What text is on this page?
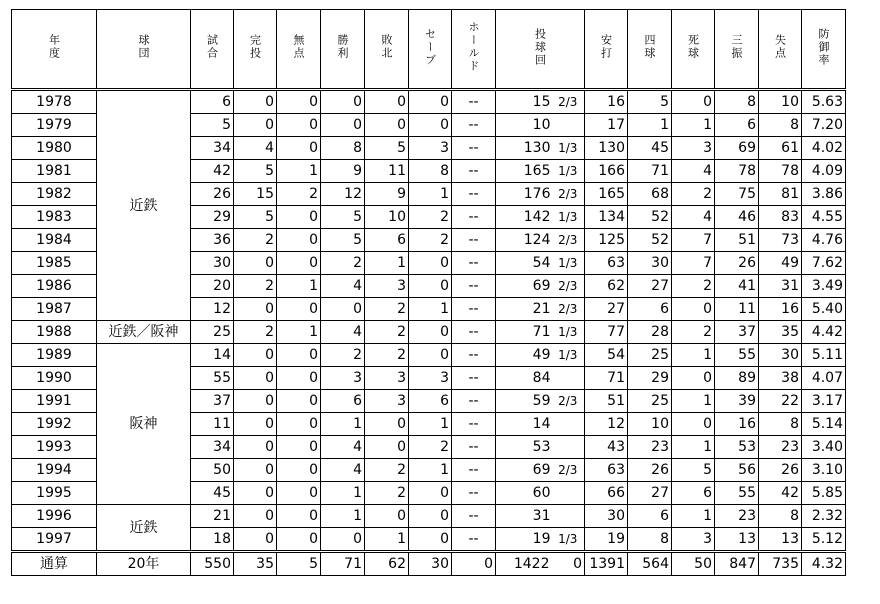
年度	球団	試合	完投	無点	勝利	敗北	セーブ	ホールド	投球回		安打	四球	死球	三振	失点	防御率
1978	近鉄	6	0	0	0	0	0	--	15	2/3	16	5	0	8	10	5.63
1979		5	0	0	0	0	0	--	10		17	1	1	6	8	7.20
1980		34	4	0	8	5	3	--	130	1/3	130	45	3	69	61	4.02
1981		42	5	1	9	11	8	--	165	1/3	166	71	4	78	78	4.09
1982		26	15	2	12	9	1	--	176	2/3	165	68	2	75	81	3.86
1983		29	5	0	5	10	2	--	142	1/3	134	52	4	46	83	4.55
1984		36	2	0	5	6	2	--	124	2/3	125	52	7	51	73	4.76
1985		30	0	0	2	1	0	--	54	1/3	63	30	7	26	49	7.62
1986		20	2	1	4	3	0	--	69	2/3	62	27	2	41	31	3.49
1987		12	0	0	0	2	1	--	21	2/3	27	6	0	11	16	5.40
1988	近鉄／阪神	25	2	1	4	2	0	--	71	1/3	77	28	2	37	35	4.42
1989	阪神	14	0	0	2	2	0	--	49	1/3	54	25	1	55	30	5.11
1990		55	0	0	3	3	3	--	84		71	29	0	89	38	4.07
1991		37	0	0	6	3	6	--	59	2/3	51	25	1	39	22	3.17
1992		11	0	0	1	0	1	--	14		12	10	0	16	8	5.14
1993		34	0	0	4	0	2	--	53		43	23	1	53	23	3.40
1994		50	0	0	4	2	1	--	69	2/3	63	26	5	56	26	3.10
1995		45	0	0	1	2	0	--	60		66	27	6	55	42	5.85
1996	近鉄	21	0	0	1	0	0	--	31		30	6	1	23	8	2.32
1997		18	0	0	0	1	0	--	19	1/3	19	8	3	13	13	5.12
通算	20年	550	35	5	71	62	30	0	1422	0	1391	564	50	847	735	4.32
